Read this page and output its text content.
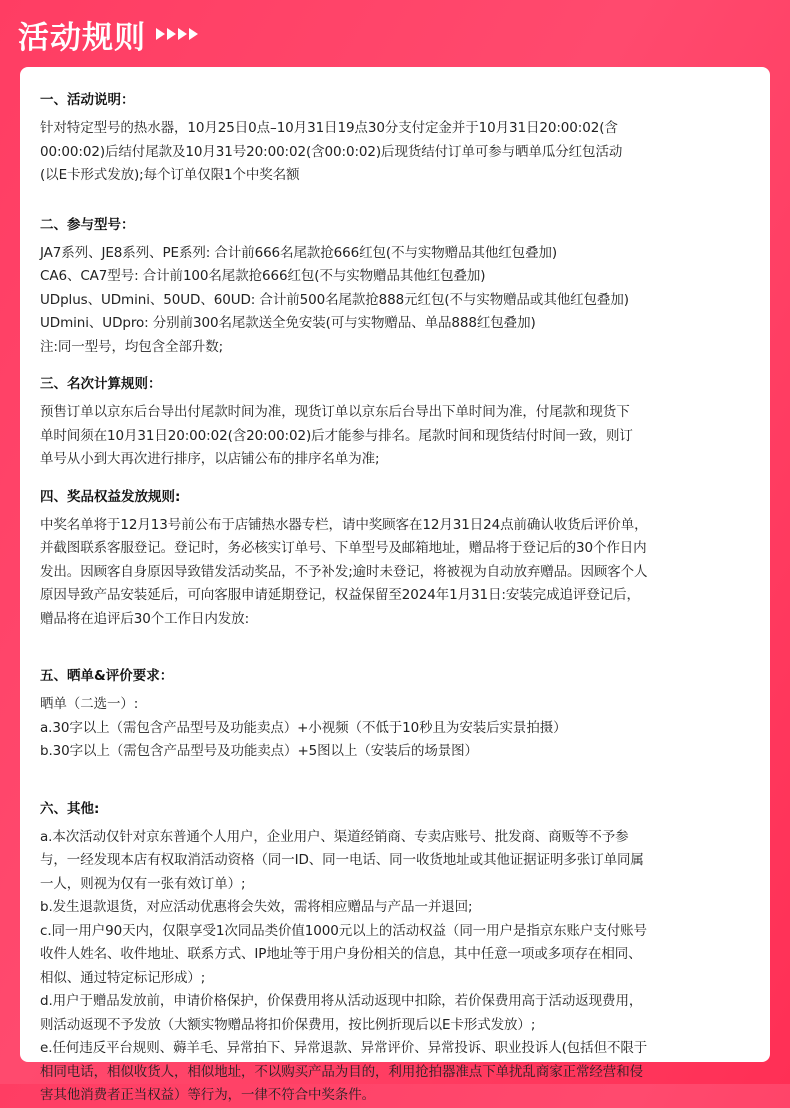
活动规则
一、活动说明：
针对特定型号的热水器，10月25日0点–10月31日19点30分支付定金并于10月31日20:00:02(含
00:00:02)后结付尾款及10月31号20:00:02(含00:0:02)后现货结付订单可参与晒单瓜分红包活动
(以E卡形式发放);每个订单仅限1个中奖名额
二、参与型号：
JA7系列、JE8系列、PE系列: 合计前666名尾款抢666红包(不与实物赠品其他红包叠加)
CA6、CA7型号: 合计前100名尾款抢666红包(不与实物赠品其他红包叠加)
UDplus、UDmini、50UD、60UD: 合计前500名尾款抢888元红包(不与实物赠品或其他红包叠加)
UDmini、UDpro: 分别前300名尾款送全免安装(可与实物赠品、单品888红包叠加)
注:同一型号，均包含全部升数;
三、名次计算规则：
预售订单以京东后台导出付尾款时间为准，现货订单以京东后台导出下单时间为准，付尾款和现货下
单时间须在10月31日20:00:02(含20:00:02)后才能参与排名。尾款时间和现货结付时间一致，则订
单号从小到大再次进行排序，以店铺公布的排序名单为准;
四、奖品权益发放规则:
中奖名单将于12月13号前公布于店铺热水器专栏，请中奖顾客在12月31日24点前确认收货后评价单，
并截图联系客服登记。登记时，务必核实订单号、下单型号及邮箱地址，赠品将于登记后的30个作日内
发出。因顾客自身原因导致错发活动奖品，不予补发;逾时未登记，将被视为自动放弃赠品。因顾客个人
原因导致产品安装延后，可向客服申请延期登记，权益保留至2024年1月31日:安装完成追评登记后，
赠品将在追评后30个工作日内发放:
五、晒单&评价要求：
晒单（二选一）:
a.30字以上（需包含产品型号及功能卖点）+小视频（不低于10秒且为安装后实景拍摄）
b.30字以上（需包含产品型号及功能卖点）+5图以上（安装后的场景图）
六、其他:
a.本次活动仅针对京东普通个人用户，企业用户、渠道经销商、专卖店账号、批发商、商贩等不予参
与，一经发现本店有权取消活动资格（同一ID、同一电话、同一收货地址或其他证据证明多张订单同属
一人，则视为仅有一张有效订单）;
b.发生退款退货，对应活动优惠将会失效，需将相应赠品与产品一并退回;
c.同一用户90天内，仅限享受1次同品类价值1000元以上的活动权益（同一用户是指京东账户支付账号
收件人姓名、收件地址、联系方式、IP地址等于用户身份相关的信息，其中任意一项或多项存在相同、
相似、通过特定标记形成）;
d.用户于赠品发放前，申请价格保护，价保费用将从活动返现中扣除，若价保费用高于活动返现费用，
则活动返现不予发放（大额实物赠品将扣价保费用，按比例折现后以E卡形式发放）;
e.任何违反平台规则、薅羊毛、异常拍下、异常退款、异常评价、异常投诉、职业投诉人(包括但不限于
相同电话，相似收货人，相似地址，不以购买产品为目的，利用抢拍器准点下单扰乱商家正常经营和侵
害其他消费者正当权益）等行为，一律不符合中奖条件。
